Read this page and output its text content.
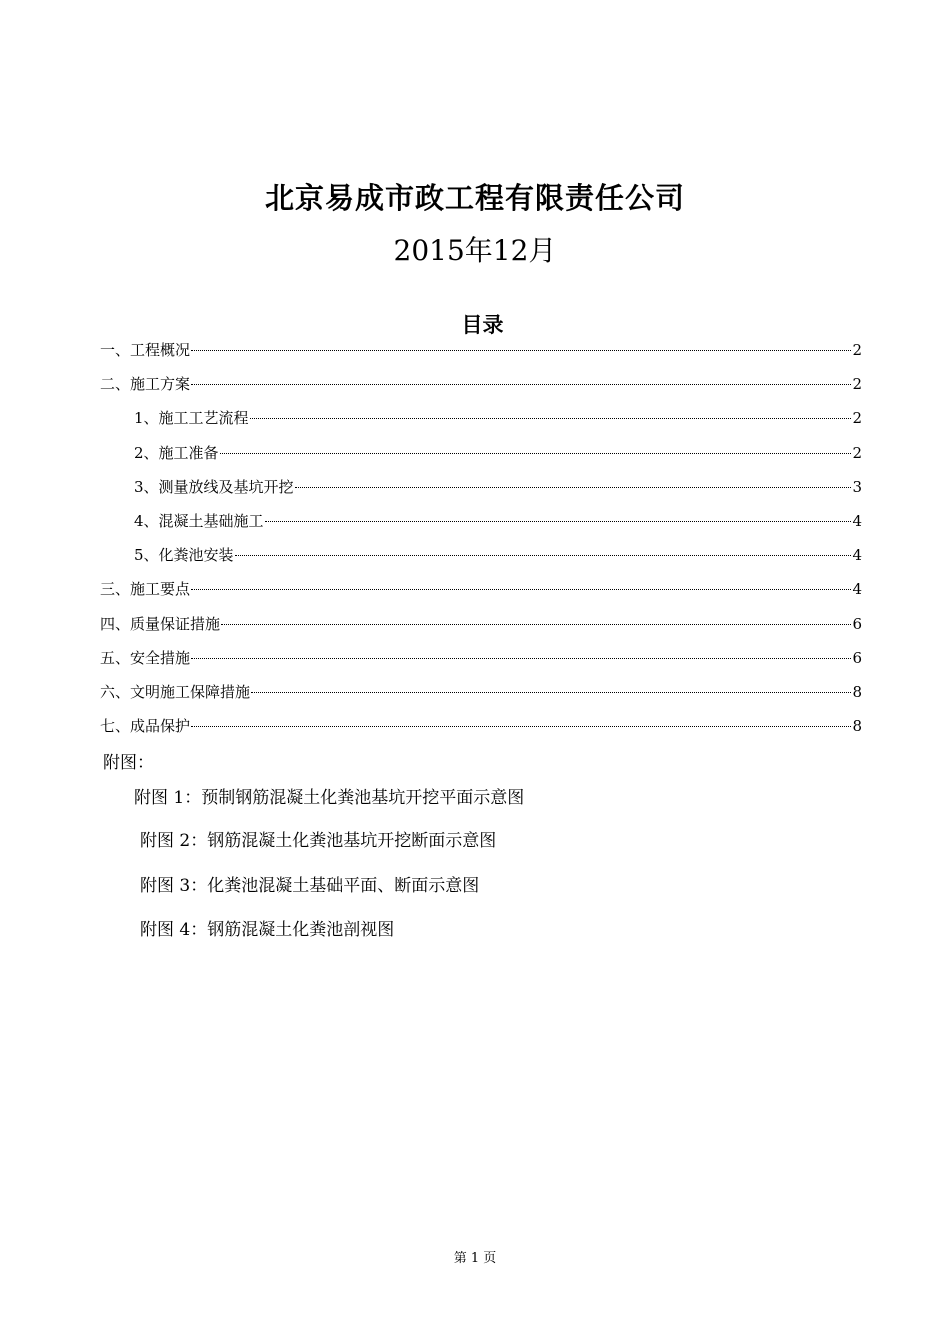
北京易成市政工程有限责任公司
2015年12月
目录
一、工程概况	2
二、施工方案	2
1、施工工艺流程	2
2、施工准备	2
3、测量放线及基坑开挖	3
4、混凝土基础施工	4
5、化粪池安装	4
三、施工要点	4
四、质量保证措施	6
五、安全措施	6
六、文明施工保障措施	8
七、成品保护	8
附图：
附图 1：预制钢筋混凝土化粪池基坑开挖平面示意图
附图 2：钢筋混凝土化粪池基坑开挖断面示意图
附图 3：化粪池混凝土基础平面、断面示意图
附图 4：钢筋混凝土化粪池剖视图
第 1 页
